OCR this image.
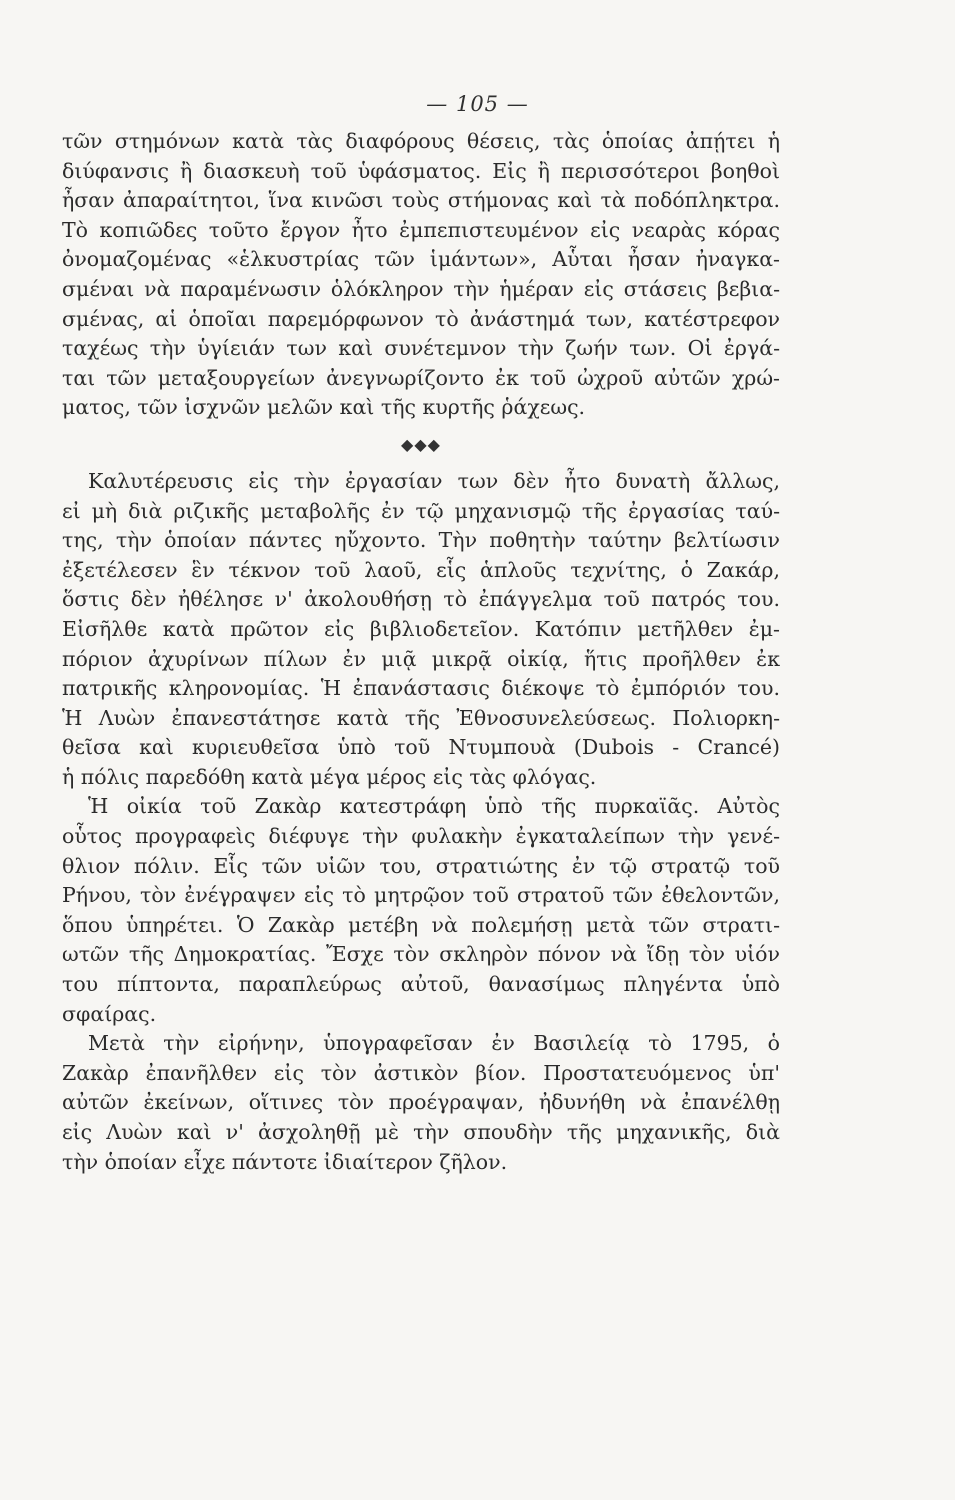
— 105 —
τῶν στημόνων κατὰ τὰς διαφόρους θέσεις, τὰς ὁποίας ἀπῄτει ἡ
διύφανσις ἢ διασκευὴ τοῦ ὑφάσματος. Εἰς ἢ περισσότεροι βοηθοὶ
ἦσαν ἀπαραίτητοι, ἵνα κινῶσι τοὺς στήμονας καὶ τὰ ποδόπληκτρα.
Τὸ κοπιῶδες τοῦτο ἔργον ἦτο ἐμπεπιστευμένον εἰς νεαρὰς κόρας
ὀνομαζομένας «ἑλκυστρίας τῶν ἱμάντων», Αὗται ἦσαν ἠναγκα-
σμέναι νὰ παραμένωσιν ὁλόκληρον τὴν ἡμέραν εἰς στάσεις βεβια-
σμένας, αἱ ὁποῖαι παρεμόρφωνον τὸ ἀνάστημά των, κατέστρεφον
ταχέως τὴν ὑγίειάν των καὶ συνέτεμνον τὴν ζωήν των. Οἱ ἐργά-
ται τῶν μεταξουργείων ἀνεγνωρίζοντο ἐκ τοῦ ὠχροῦ αὐτῶν χρώ-
ματος, τῶν ἰσχνῶν μελῶν καὶ τῆς κυρτῆς ῥάχεως.
◆◆◆
Καλυτέρευσις εἰς τὴν ἐργασίαν των δὲν ἦτο δυνατὴ ἄλλως,
εἰ μὴ διὰ ριζικῆς μεταβολῆς ἐν τῷ μηχανισμῷ τῆς ἐργασίας ταύ-
της, τὴν ὁποίαν πάντες ηὔχοντο. Τὴν ποθητὴν ταύτην βελτίωσιν
ἐξετέλεσεν ἓν τέκνον τοῦ λαοῦ, εἷς ἁπλοῦς τεχνίτης, ὁ Ζακάρ,
ὅστις δὲν ἠθέλησε ν' ἀκολουθήσῃ τὸ ἐπάγγελμα τοῦ πατρός του.
Εἰσῆλθε κατὰ πρῶτον εἰς βιβλιοδετεῖον. Κατόπιν μετῆλθεν ἐμ-
πόριον ἀχυρίνων πίλων ἐν μιᾷ μικρᾷ οἰκίᾳ, ἥτις προῆλθεν ἐκ
πατρικῆς κληρονομίας. Ἡ ἐπανάστασις διέκοψε τὸ ἐμπόριόν του.
Ἡ Λυὼν ἐπανεστάτησε κατὰ τῆς Ἐθνοσυνελεύσεως. Πολιορκη-
θεῖσα καὶ κυριευθεῖσα ὑπὸ τοῦ Ντυμπουὰ (Dubois - Crancé)
ἡ πόλις παρεδόθη κατὰ μέγα μέρος εἰς τὰς φλόγας.
Ἡ οἰκία τοῦ Ζακὰρ κατεστράφη ὑπὸ τῆς πυρκαϊᾶς. Αὐτὸς
οὗτος προγραφεὶς διέφυγε τὴν φυλακὴν ἐγκαταλείπων τὴν γενέ-
θλιον πόλιν. Εἷς τῶν υἱῶν του, στρατιώτης ἐν τῷ στρατῷ τοῦ
Ρήνου, τὸν ἐνέγραψεν εἰς τὸ μητρῷον τοῦ στρατοῦ τῶν ἐθελοντῶν,
ὅπου ὑπηρέτει. Ὁ Ζακὰρ μετέβη νὰ πολεμήσῃ μετὰ τῶν στρατι-
ωτῶν τῆς Δημοκρατίας. Ἔσχε τὸν σκληρὸν πόνον νὰ ἴδῃ τὸν υἱόν
του πίπτοντα, παραπλεύρως αὐτοῦ, θανασίμως πληγέντα ὑπὸ
σφαίρας.
Μετὰ τὴν εἰρήνην, ὑπογραφεῖσαν ἐν Βασιλείᾳ τὸ 1795, ὁ
Ζακὰρ ἐπανῆλθεν εἰς τὸν ἀστικὸν βίον. Προστατευόμενος ὑπ'
αὐτῶν ἐκείνων, οἵτινες τὸν προέγραψαν, ἠδυνήθη νὰ ἐπανέλθῃ
εἰς Λυὼν καὶ ν' ἀσχοληθῇ μὲ τὴν σπουδὴν τῆς μηχανικῆς, διὰ
τὴν ὁποίαν εἶχε πάντοτε ἰδιαίτερον ζῆλον.
